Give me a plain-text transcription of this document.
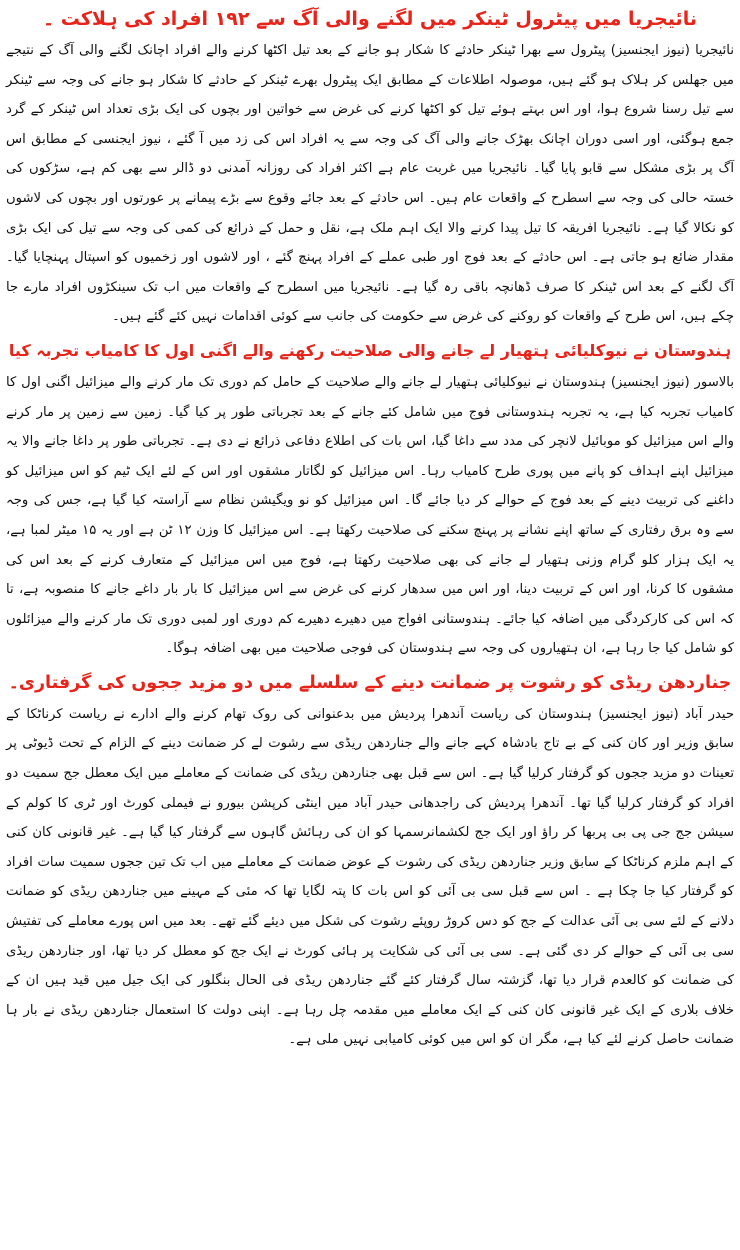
نائیجریا میں پیٹرول ٹینکر میں لگنے والی آگ سے ۱۹۲ افراد کی ہلاکت ۔

نائیجریا (نیوز ایجنسیز) پیٹرول سے بھرا ٹینکر حادثے کا شکار ہو جانے کے بعد تیل اکٹھا کرنے والے افراد اچانک لگنے والی آگ کے نتیجے میں جھلس کر ہلاک ہو گئے ہیں، موصولہ اطلاعات کے مطابق ایک پیٹرول بھرے ٹینکر کے حادثے کا شکار ہو جانے کی وجہ سے ٹینکر سے تیل رسنا شروع ہوا، اور اس بہتے ہوئے تیل کو اکٹھا کرنے کی غرض سے خواتین اور بچوں کی ایک بڑی تعداد اس ٹینکر کے گرد جمع ہوگئی، اور اسی دوران اچانک بھڑک جانے والی آگ کی وجہ سے یہ افراد اس کی زد میں آ گئے ، نیوز ایجنسی کے مطابق اس آگ پر بڑی مشکل سے قابو پایا گیا۔ نائیجریا میں غربت عام ہے اکثر افراد کی روزانہ آمدنی دو ڈالر سے بھی کم ہے، سڑکوں کی خستہ حالی کی وجہ سے اسطرح کے واقعات عام ہیں۔ اس حادثے کے بعد جائے وقوع سے بڑے پیمانے پر عورتوں اور بچوں کی لاشوں کو نکالا گیا ہے۔ نائیجریا افریقہ کا تیل پیدا کرنے والا ایک اہم ملک ہے، نقل و حمل کے ذرائع کی کمی کی وجہ سے تیل کی ایک بڑی مقدار ضائع ہو جاتی ہے۔ اس حادثے کے بعد فوج اور طبی عملے کے افراد پہنچ گئے ، اور لاشوں اور زخمیوں کو اسپتال پہنچایا گیا۔ آگ لگنے کے بعد اس ٹینکر کا صرف ڈھانچہ باقی رہ گیا ہے۔ نائیجریا میں اسطرح کے واقعات میں اب تک سینکڑوں افراد مارے جا چکے ہیں، اس طرح کے واقعات کو روکنے کی غرض سے حکومت کی جانب سے کوئی اقدامات نہیں کئے گئے ہیں۔

ہندوستان نے نیوکلیائی ہتھیار لے جانے والی صلاحیت رکھنے والے اگنی اول کا کامیاب تجربہ کیا

بالاسور (نیوز ایجنسیز) ہندوستان نے نیوکلیائی ہتھیار لے جانے والے صلاحیت کے حامل کم دوری تک مار کرنے والے میزائیل اگنی اول کا کامیاب تجربہ کیا ہے، یہ تجربہ ہندوستانی فوج میں شامل کئے جانے کے بعد تجرباتی طور پر کیا گیا۔ زمین سے زمین پر مار کرنے والے اس میزائیل کو موبائیل لانچر کی مدد سے داغا گیا، اس بات کی اطلاع دفاعی ذرائع نے دی ہے۔ تجرباتی طور پر داغا جانے والا یہ میزائیل اپنے اہداف کو پانے میں پوری طرح کامیاب رہا۔ اس میزائیل کو لگاتار مشقوں اور اس کے لئے ایک ٹیم کو اس میزائیل کو داغنے کی تربیت دینے کے بعد فوج کے حوالے کر دیا جائے گا۔ اس میزائیل کو نو ویگیشن نظام سے آراستہ کیا گیا ہے، جس کی وجہ سے وہ برق رفتاری کے ساتھ اپنے نشانے پر پہنچ سکنے کی صلاحیت رکھتا ہے۔ اس میزائیل کا وزن ۱۲ ٹن ہے اور یہ ۱۵ میٹر لمبا ہے، یہ ایک ہزار کلو گرام وزنی ہتھیار لے جانے کی بھی صلاحیت رکھتا ہے، فوج میں اس میزائیل کے متعارف کرنے کے بعد اس کی مشقوں کا کرنا، اور اس کے تربیت دینا، اور اس میں سدھار کرنے کی غرض سے اس میزائیل کا بار بار داغے جانے کا منصوبہ ہے، تا کہ اس کی کارکردگی میں اضافہ کیا جائے۔ ہندوستانی افواج میں دھیرے دھیرے کم دوری اور لمبی دوری تک مار کرنے والے میزائلوں کو شامل کیا جا رہا ہے، ان ہتھیاروں کی وجہ سے ہندوستان کی فوجی صلاحیت میں بھی اضافہ ہوگا۔

جناردھن ریڈی کو رشوت پر ضمانت دینے کے سلسلے میں دو مزید ججوں کی گرفتاری۔

حیدر آباد (نیوز ایجنسیز) ہندوستان کی ریاست آندھرا پردیش میں بدعنوانی کی روک تھام کرنے والے ادارے نے ریاست کرناٹکا کے سابق وزیر اور کان کنی کے بے تاج بادشاہ کہے جانے والے جناردھن ریڈی سے رشوت لے کر ضمانت دینے کے الزام کے تحت ڈیوٹی پر تعینات دو مزید ججوں کو گرفتار کرلیا گیا ہے۔ اس سے قبل بھی جناردھن ریڈی کی ضمانت کے معاملے میں ایک معطل جج سمیت دو افراد کو گرفتار کرلیا گیا تھا۔ آندھرا پردیش کی راجدھانی حیدر آباد میں اینٹی کرپشن بیورو نے فیملی کورٹ اور ٹری کا کولم کے سیشن جج جی پی بی پربھا کر راؤ اور ایک جج لکشمانرسمہا کو ان کی رہائش گاہوں سے گرفتار کیا گیا ہے۔ غیر قانونی کان کنی کے اہم ملزم کرناٹکا کے سابق وزیر جناردھن ریڈی کی رشوت کے عوض ضمانت کے معاملے میں اب تک تین ججوں سمیت سات افراد کو گرفتار کیا جا چکا ہے ۔ اس سے قبل سی بی آئی کو اس بات کا پتہ لگایا تھا کہ مئی کے مہینے میں جناردھن ریڈی کو ضمانت دلانے کے لئے سی بی آئی عدالت کے جج کو دس کروڑ روپئے رشوت کی شکل میں دیئے گئے تھے۔ بعد میں اس پورے معاملے کی تفتیش سی بی آئی کے حوالے کر دی گئی ہے۔ سی بی آئی کی شکایت پر ہائی کورٹ نے ایک جج کو معطل کر دیا تھا، اور جناردھن ریڈی کی ضمانت کو کالعدم قرار دیا تھا، گزشتہ سال گرفتار کئے گئے جناردھن ریڈی فی الحال بنگلور کی ایک جیل میں قید ہیں ان کے خلاف بلاری کے ایک غیر قانونی کان کنی کے ایک معاملے میں مقدمہ چل رہا ہے۔ اپنی دولت کا استعمال جناردھن ریڈی نے بار ہا ضمانت حاصل کرنے لئے کیا ہے، مگر ان کو اس میں کوئی کامیابی نہیں ملی ہے۔
